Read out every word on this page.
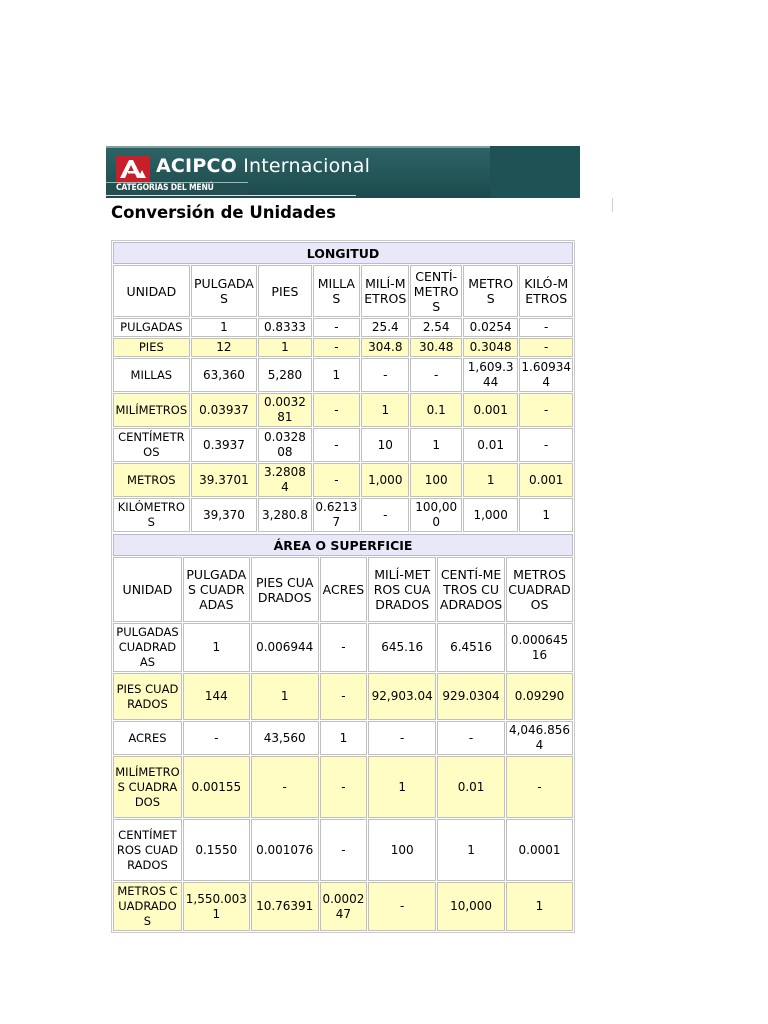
ACIPCO Internacional
CATEGORIAS DEL MENÚ
Conversión de Unidades
LONGITUD							
UNIDAD	PULGADAS	PIES	MILLAS	MILÍ-METROS	CENTÍ-METROS	METROS	KILÓ-METROS
PULGADAS	1	0.8333	-	25.4	2.54	0.0254	-
PIES	12	1	-	304.8	30.48	0.3048	-
MILLAS	63,360	5,280	1	-	-	1,609.344	1.609344
MILÍMETROS	0.03937	0.003281	-	1	0.1	0.001	-
CENTÍMETROS	0.3937	0.032808	-	10	1	0.01	-
METROS	39.3701	3.28084	-	1,000	100	1	0.001
KILÓMETROS	39,370	3,280.8	0.62137	-	100,000	1,000	1
ÁREA O SUPERFICIE						
UNIDAD	PULGADAS CUADRADAS	PIES CUADRADOS	ACRES	MILÍ-METROS CUADRADOS	CENTÍ-METROS CUADRADOS	METROS CUADRADOS
PULGADAS CUADRADAS	1	0.006944	-	645.16	6.4516	0.00064516
PIES CUADRADOS	144	1	-	92,903.04	929.0304	0.09290
ACRES	-	43,560	1	-	-	4,046.8564
MILÍMETROS CUADRADOS	0.00155	-	-	1	0.01	-
CENTÍMETROS CUADRADOS	0.1550	0.001076	-	100	1	0.0001
METROS CUADRADOS	1,550.0031	10.76391	0.000247	-	10,000	1
